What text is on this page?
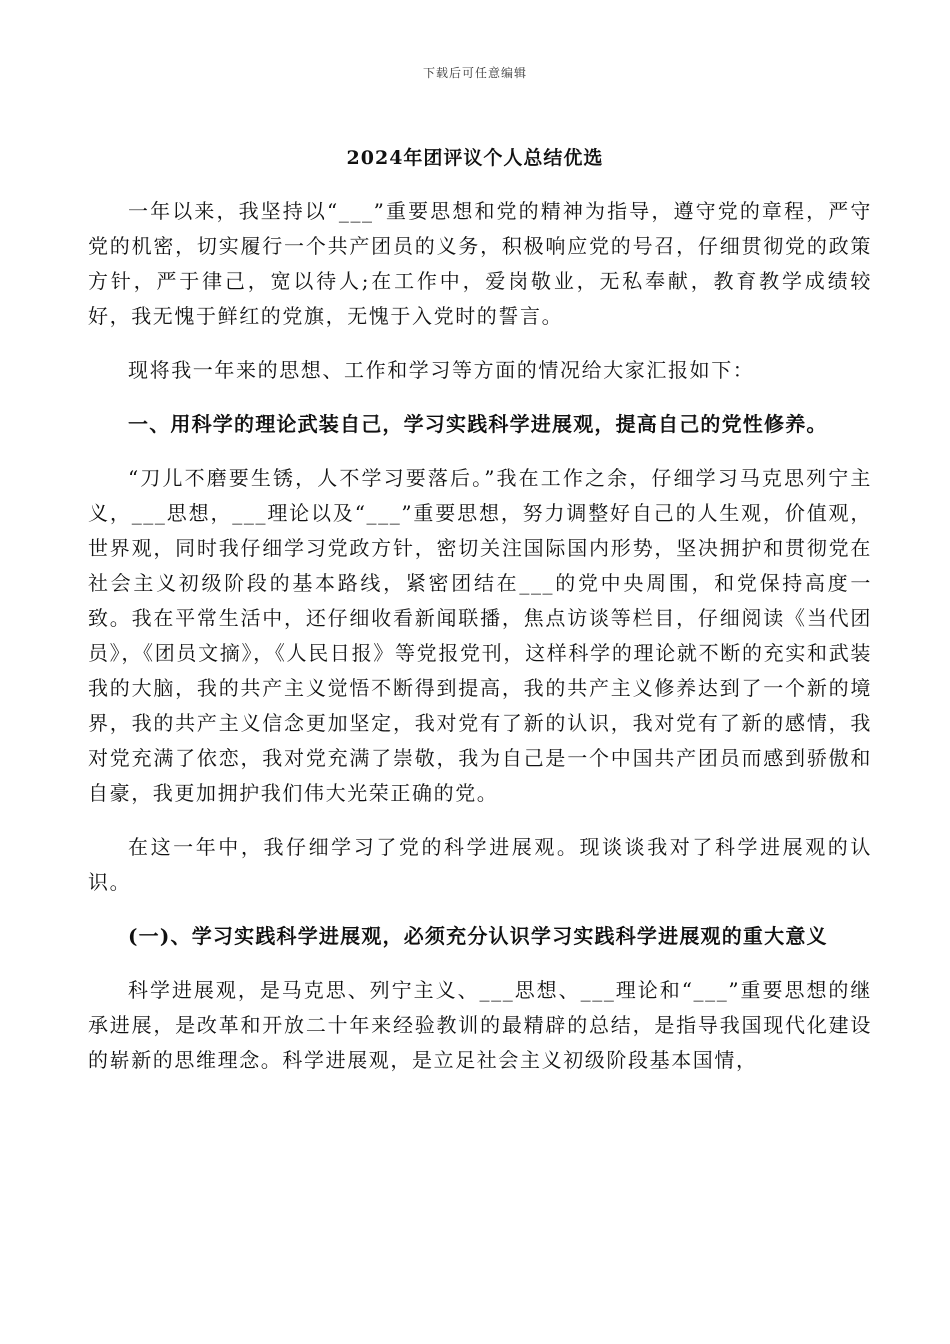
下载后可任意编辑
2024年团评议个人总结优选

一年以来，我坚持以“___”重要思想和党的精神为指导，遵守党的章程，严守党的机密，切实履行一个共产团员的义务，积极响应党的号召，仔细贯彻党的政策方针，严于律己，宽以待人;在工作中，爱岗敬业，无私奉献，教育教学成绩较好，我无愧于鲜红的党旗，无愧于入党时的誓言。

现将我一年来的思想、工作和学习等方面的情况给大家汇报如下：

一、用科学的理论武装自己，学习实践科学进展观，提高自己的党性修养。

“刀儿不磨要生锈，人不学习要落后。”我在工作之余，仔细学习马克思列宁主义，___思想，___理论以及“___”重要思想，努力调整好自己的人生观，价值观，世界观，同时我仔细学习党政方针，密切关注国际国内形势，坚决拥护和贯彻党在社会主义初级阶段的基本路线，紧密团结在___的党中央周围，和党保持高度一致。我在平常生活中，还仔细收看新闻联播，焦点访谈等栏目，仔细阅读《当代团员》，《团员文摘》，《人民日报》等党报党刊，这样科学的理论就不断的充实和武装我的大脑，我的共产主义觉悟不断得到提高，我的共产主义修养达到了一个新的境界，我的共产主义信念更加坚定，我对党有了新的认识，我对党有了新的感情，我对党充满了依恋，我对党充满了崇敬，我为自己是一个中国共产团员而感到骄傲和自豪，我更加拥护我们伟大光荣正确的党。

在这一年中，我仔细学习了党的科学进展观。现谈谈我对了科学进展观的认识。

(一)、学习实践科学进展观，必须充分认识学习实践科学进展观的重大意义

科学进展观，是马克思、列宁主义、___思想、___理论和“___”重要思想的继承进展，是改革和开放二十年来经验教训的最精辟的总结，是指导我国现代化建设的崭新的思维理念。科学进展观，是立足社会主义初级阶段基本国情，
